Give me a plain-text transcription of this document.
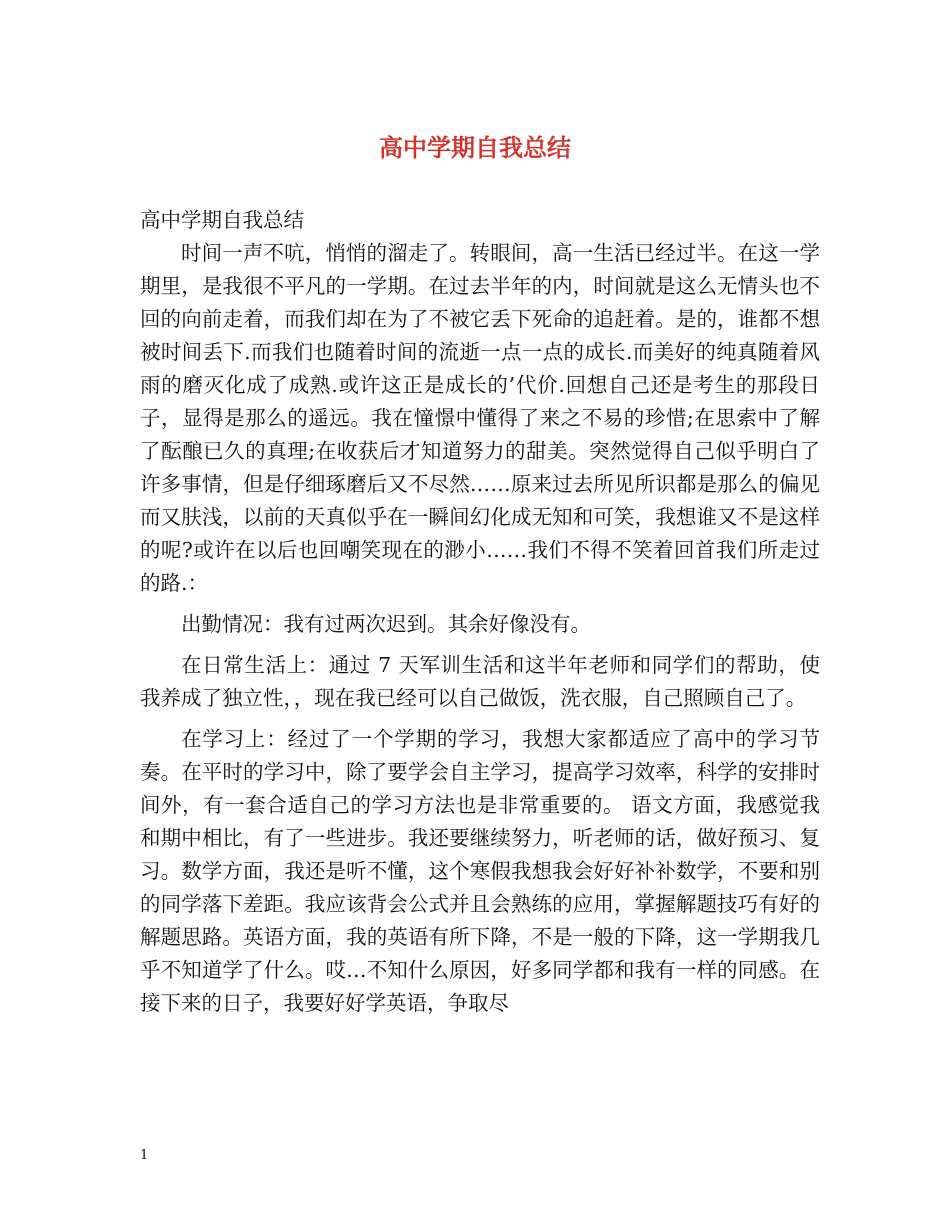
高中学期自我总结

高中学期自我总结

时间一声不吭，悄悄的溜走了。转眼间，高一生活已经过半。在这一学期里，是我很不平凡的一学期。在过去半年的内，时间就是这么无情头也不回的向前走着，而我们却在为了不被它丢下死命的追赶着。是的，谁都不想被时间丢下.而我们也随着时间的流逝一点一点的成长.而美好的纯真随着风雨的磨灭化成了成熟.或许这正是成长的’代价.回想自己还是考生的那段日子，显得是那么的遥远。我在憧憬中懂得了来之不易的珍惜;在思索中了解了酝酿已久的真理;在收获后才知道努力的甜美。突然觉得自己似乎明白了许多事情，但是仔细琢磨后又不尽然……原来过去所见所识都是那么的偏见而又肤浅，以前的天真似乎在一瞬间幻化成无知和可笑，我想谁又不是这样的呢?或许在以后也回嘲笑现在的渺小……我们不得不笑着回首我们所走过的路.：

出勤情况：我有过两次迟到。其余好像没有。

在日常生活上：通过 7 天军训生活和这半年老师和同学们的帮助，使我养成了独立性，，现在我已经可以自己做饭，洗衣服，自己照顾自己了。

在学习上：经过了一个学期的学习，我想大家都适应了高中的学习节奏。在平时的学习中，除了要学会自主学习，提高学习效率，科学的安排时间外，有一套合适自己的学习方法也是非常重要的。 语文方面，我感觉我和期中相比，有了一些进步。我还要继续努力，听老师的话，做好预习、复习。数学方面，我还是听不懂，这个寒假我想我会好好补补数学，不要和别的同学落下差距。我应该背会公式并且会熟练的应用，掌握解题技巧有好的解题思路。英语方面，我的英语有所下降，不是一般的下降，这一学期我几乎不知道学了什么。哎…不知什么原因，好多同学都和我有一样的同感。在接下来的日子，我要好好学英语，争取尽

1
